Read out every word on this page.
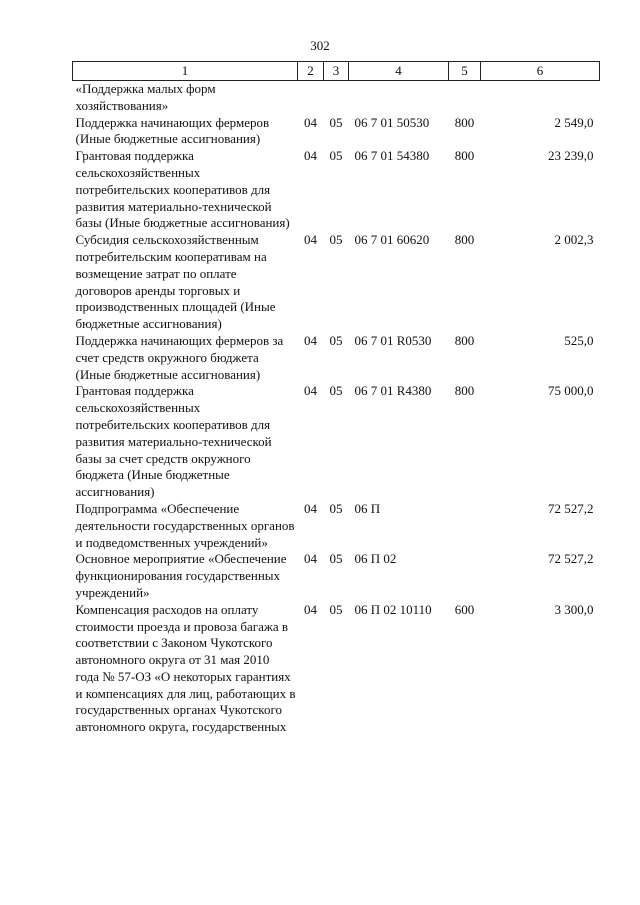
302
1	2	3	4	5	6
«Поддержка малых форм хозяйствования»					
Поддержка начинающих фермеров (Иные бюджетные ассигнования)	04	05	06 7 01 50530	800	2 549,0
Грантовая поддержка сельскохозяйственных потребительских кооперативов для развития материально-технической базы (Иные бюджетные ассигнования)	04	05	06 7 01 54380	800	23 239,0
Субсидия сельскохозяйственным потребительским кооперативам на возмещение затрат по оплате договоров аренды торговых и производственных площадей (Иные бюджетные ассигнования)	04	05	06 7 01 60620	800	2 002,3
Поддержка начинающих фермеров за счет средств окружного бюджета (Иные бюджетные ассигнования)	04	05	06 7 01 R0530	800	525,0
Грантовая поддержка сельскохозяйственных потребительских кооперативов для развития материально-технической базы за счет средств окружного бюджета (Иные бюджетные ассигнования)	04	05	06 7 01 R4380	800	75 000,0
Подпрограмма «Обеспечение деятельности государственных органов и подведомственных учреждений»	04	05	06 П		72 527,2
Основное мероприятие «Обеспечение функционирования государственных учреждений»	04	05	06 П 02		72 527,2
Компенсация расходов на оплату стоимости проезда и провоза багажа в соответствии с Законом Чукотского автономного округа от 31 мая 2010 года № 57-ОЗ «О некоторых гарантиях и компенсациях для лиц, работающих в государственных органах Чукотского автономного округа, государственных	04	05	06 П 02 10110	600	3 300,0
